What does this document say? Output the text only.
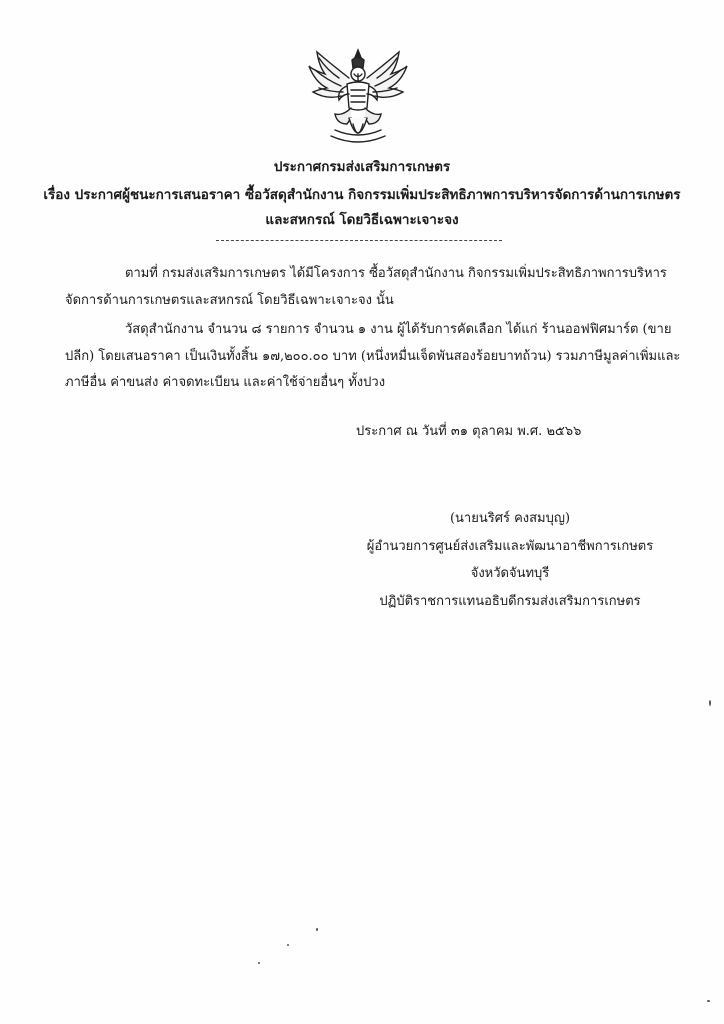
ประกาศกรมส่งเสริมการเกษตร
เรื่อง ประกาศผู้ชนะการเสนอราคา ซื้อวัสดุสำนักงาน กิจกรรมเพิ่มประสิทธิภาพการบริหารจัดการด้านการเกษตร
และสหกรณ์ โดยวิธีเฉพาะเจาะจง
ตามที่ กรมส่งเสริมการเกษตร ได้มีโครงการ ซื้อวัสดุสำนักงาน กิจกรรมเพิ่มประสิทธิภาพการบริหาร
จัดการด้านการเกษตรและสหกรณ์ โดยวิธีเฉพาะเจาะจง นั้น
วัสดุสำนักงาน จำนวน ๘ รายการ จำนวน ๑ งาน ผู้ได้รับการคัดเลือก ได้แก่ ร้านออฟฟิศมาร์ต (ขาย
ปลีก) โดยเสนอราคา เป็นเงินทั้งสิ้น ๑๗,๒๐๐.๐๐ บาท (หนึ่งหมื่นเจ็ดพันสองร้อยบาทถ้วน) รวมภาษีมูลค่าเพิ่มและ
ภาษีอื่น ค่าขนส่ง ค่าจดทะเบียน และค่าใช้จ่ายอื่นๆ ทั้งปวง
ประกาศ ณ วันที่ ๓๑ ตุลาคม พ.ศ. ๒๕๖๖
(นายนริศร์ คงสมบุญ)
ผู้อำนวยการศูนย์ส่งเสริมและพัฒนาอาชีพการเกษตร
จังหวัดจันทบุรี
ปฏิบัติราชการแทนอธิบดีกรมส่งเสริมการเกษตร
